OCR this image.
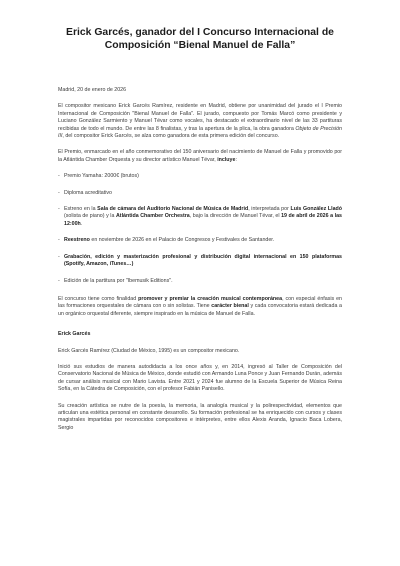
Erick Garcés, ganador del I Concurso Internacional de
Composición “Bienal Manuel de Falla”

Madrid, 20 de enero de 2026

El compositor mexicano Erick Garcés Ramírez, residente en Madrid, obtiene por unanimidad del jurado el I Premio Internacional de Composición "Bienal Manuel de Falla". El jurado, compuesto por Tomás Marcó como presidente y Luciano González Sarmiento y Manuel Tévar como vocales, ha destacado el extraordinario nivel de las 33 partituras recibidas de todo el mundo. De entre las 8 finalistas, y tras la apertura de la plica, la obra ganadora Objeto de Precisión III, del compositor Erick Garcés, se alza como ganadora de esta primera edición del concurso.

El Premio, enmarcado en el año conmemorativo del 150 aniversario del nacimiento de Manuel de Falla y promovido por la Atlántida Chamber Orquesta y su director artístico Manuel Tévar, incluye:

- Premio Yamaha: 2000€ (brutos)
- Diploma acreditativo
- Estreno en la Sala de cámara del Auditorio Nacional de Música de Madrid, interpretada por Luis González Lladó (solista de piano) y la Atlántida Chamber Orchestra, bajo la dirección de Manuel Tévar, el 19 de abril de 2026 a las 12:00h.
- Reestreno en noviembre de 2026 en el Palacio de Congresos y Festivales de Santander.
- Grabación, edición y masterización profesional y distribución digital internacional en 150 plataformas (Spotify, Amazon, iTunes…)
- Edición de la partitura por "Ibemusik Editions".

El concurso tiene como finalidad promover y premiar la creación musical contemporánea, con especial énfasis en las formaciones orquestales de cámara con o sin solistas. Tiene carácter bienal y cada convocatoria estará dedicada a un orgánico orquestal diferente, siempre inspirado en la música de Manuel de Falla.

Erick Garcés

Erick Garcés Ramírez (Ciudad de México, 1995) es un compositor mexicano.

Inició sus estudios de manera autodidacta a los once años y, en 2014, ingresó al Taller de Composición del Conservatorio Nacional de Música de México, donde estudió con Armando Luna Ponce y Juan Fernando Durán, además de cursar análisis musical con Mario Lavista. Entre 2021 y 2024 fue alumno de la Escuela Superior de Música Reina Sofía, en la Cátedra de Composición, con el profesor Fabián Panisello.

Su creación artística se nutre de la poesía, la memoria, la analogía musical y la polirespectividad, elementos que articulan una estética personal en constante desarrollo. Su formación profesional se ha enriquecido con cursos y clases magistrales impartidas por reconocidos compositores e intérpretes, entre ellos Alexis Aranda, Ignacio Baca Lobera, Sergio
